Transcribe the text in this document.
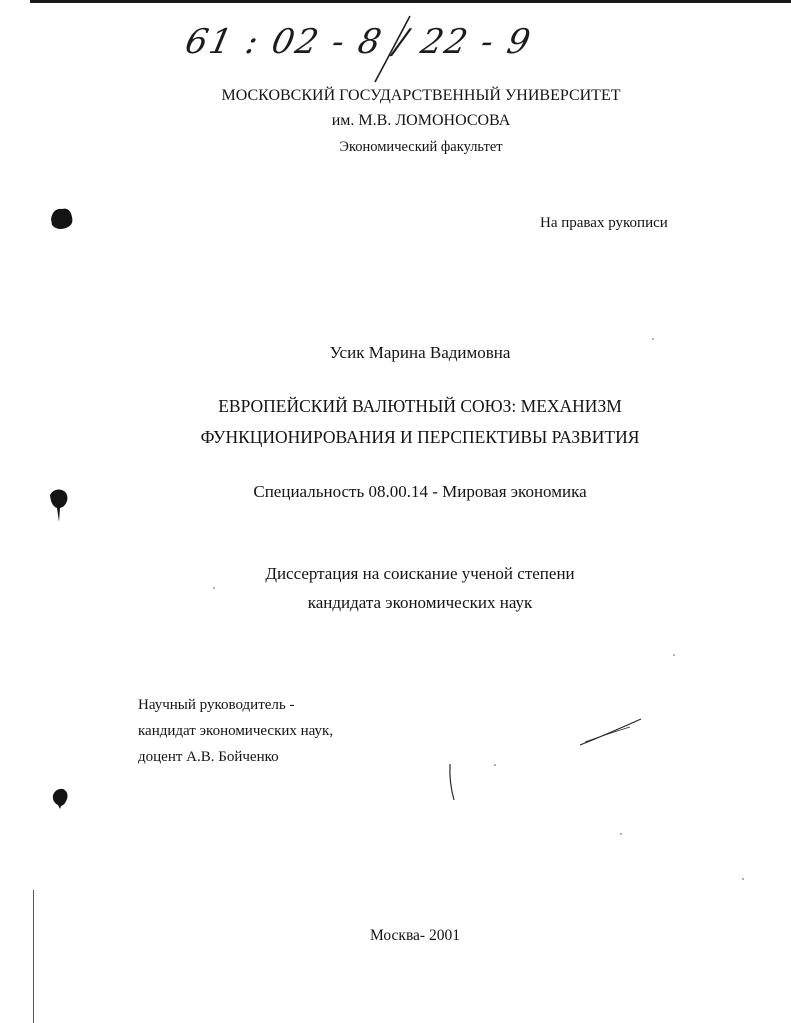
61 : 02 - 8 / 22 - 9
МОСКОВСКИЙ ГОСУДАРСТВЕННЫЙ УНИВЕРСИТЕТ
им. М.В. ЛОМОНОСОВА
Экономический факультет
На правах рукописи
Усик Марина Вадимовна
ЕВРОПЕЙСКИЙ ВАЛЮТНЫЙ СОЮЗ: МЕХАНИЗМ
ФУНКЦИОНИРОВАНИЯ И ПЕРСПЕКТИВЫ РАЗВИТИЯ
Специальность 08.00.14 - Мировая экономика
Диссертация на соискание ученой степени
кандидата экономических наук
Научный руководитель -
кандидат экономических наук,
доцент А.В. Бойченко
Москва- 2001
